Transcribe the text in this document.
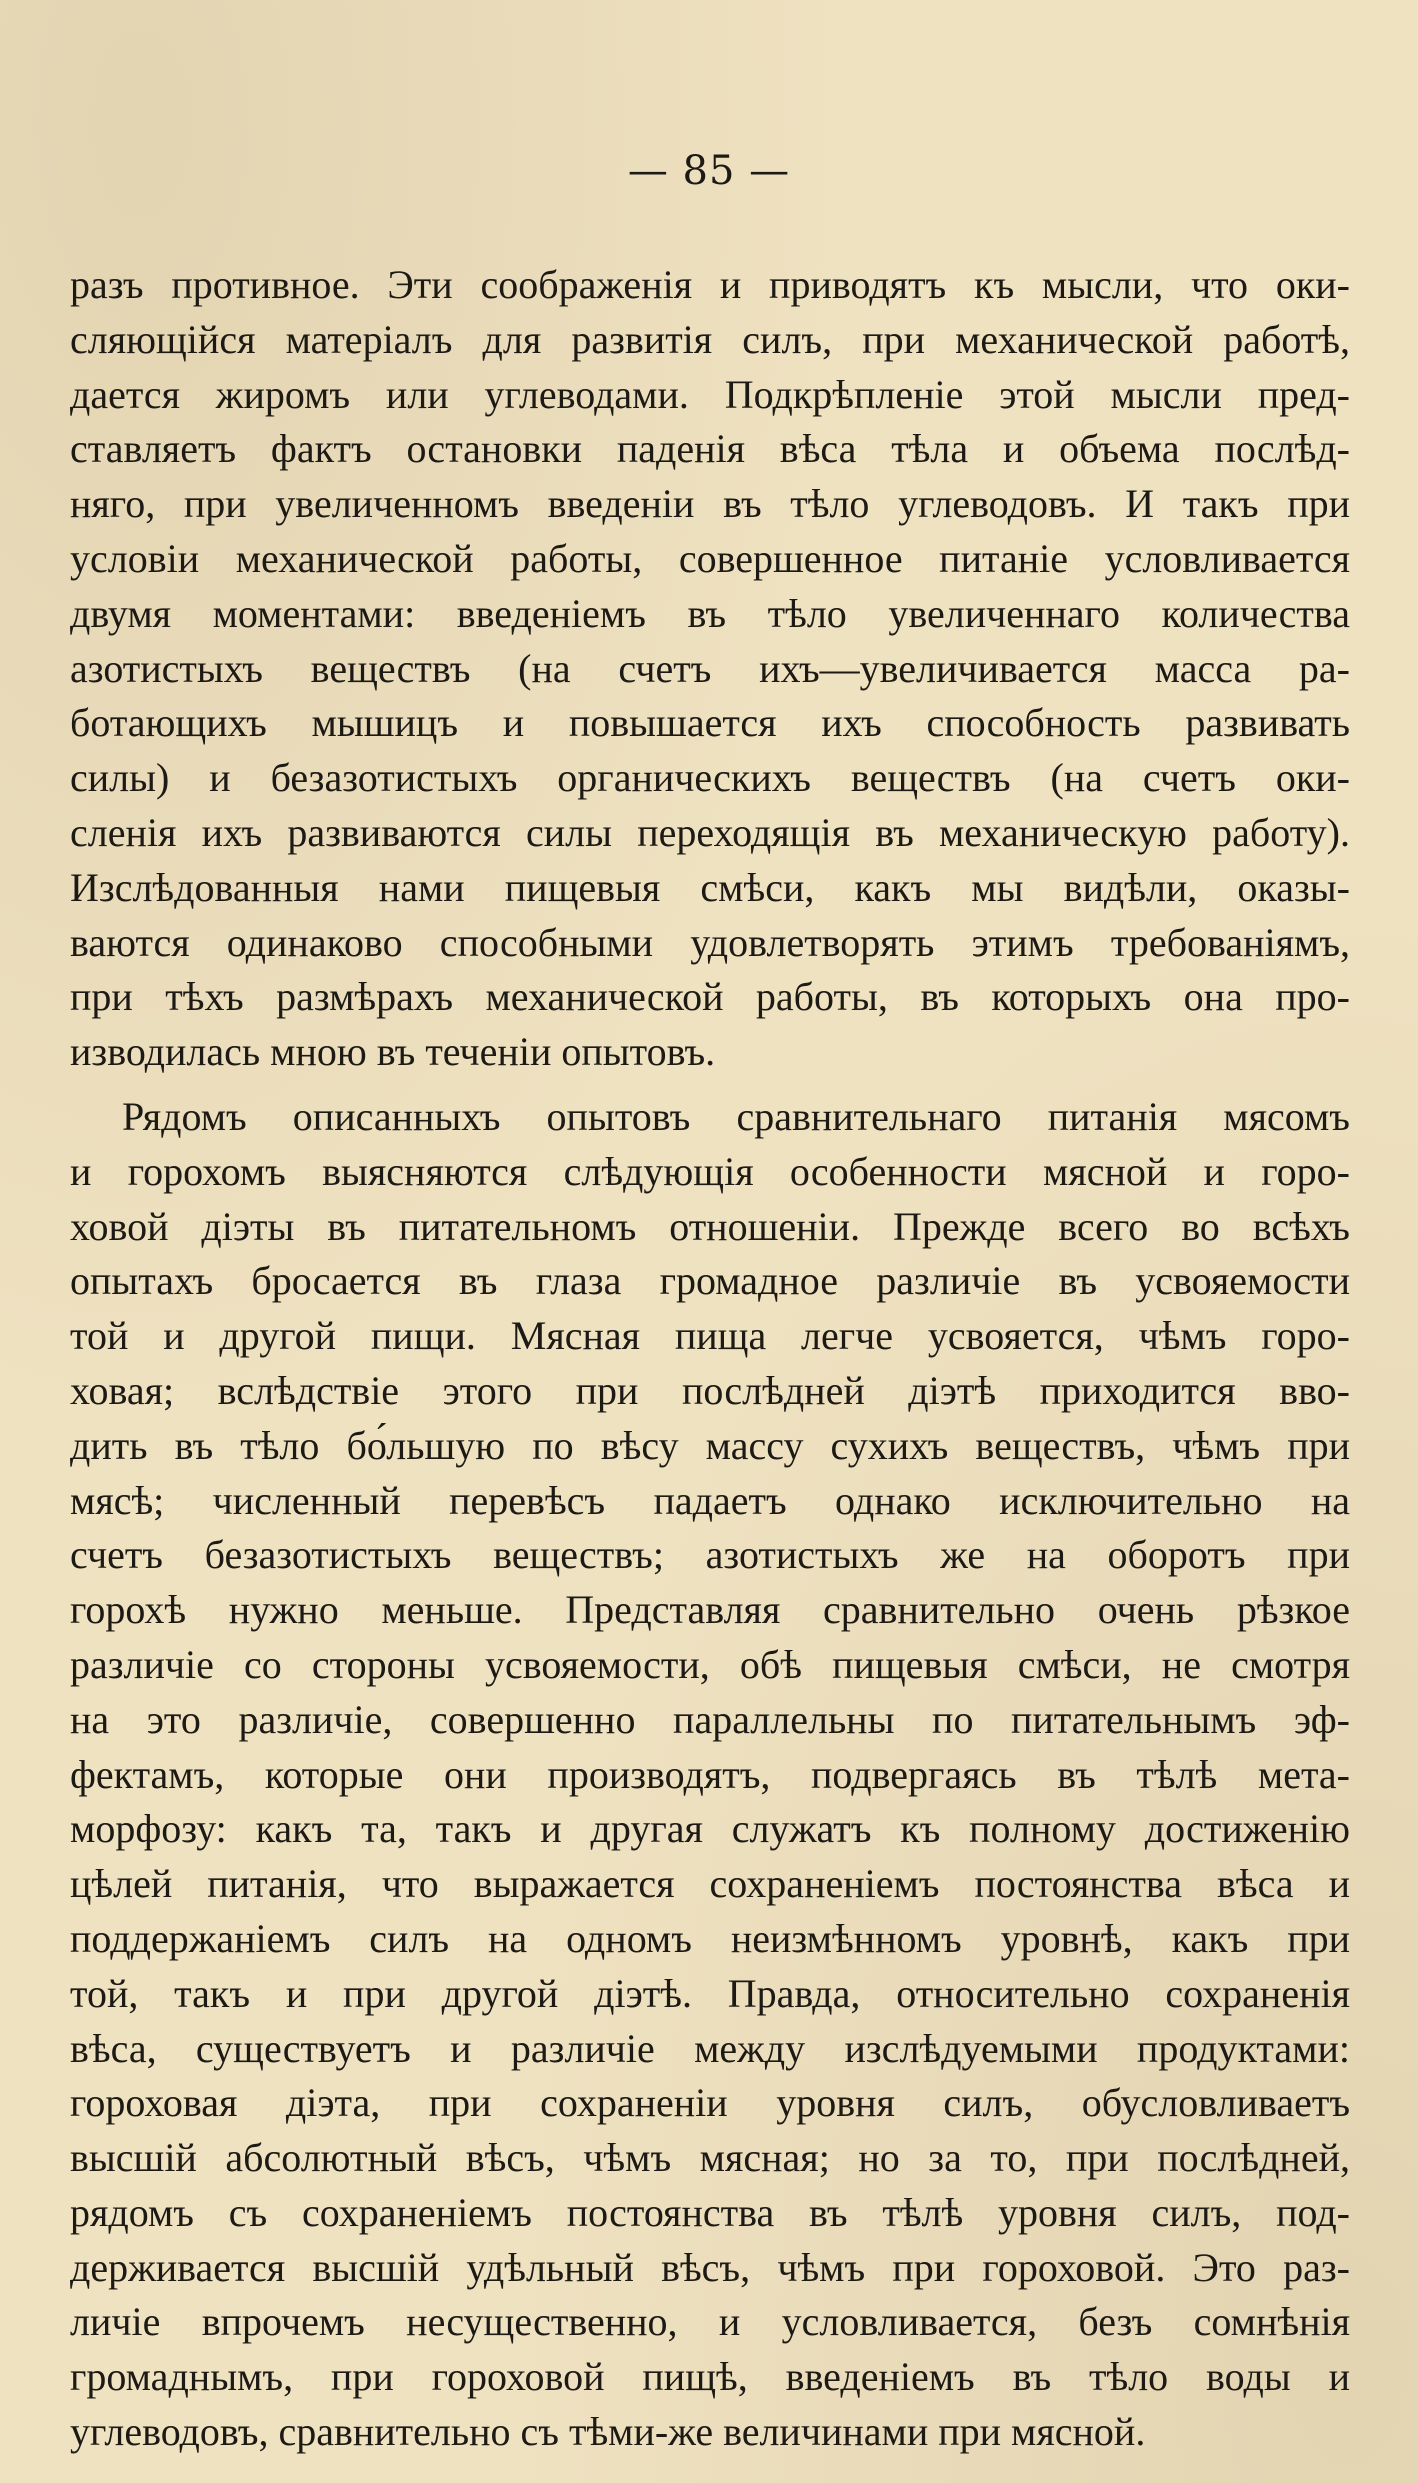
— 85 —
разъ противное. Эти соображенія и приводятъ къ мысли, что оки-
сляющійся матеріалъ для развитія силъ, при механической работѣ,
дается жиромъ или углеводами. Подкрѣпленіе этой мысли пред-
ставляетъ фактъ остановки паденія вѣса тѣла и объема послѣд-
няго, при увеличенномъ введеніи въ тѣло углеводовъ. И такъ при
условіи механической работы, совершенное питаніе условливается
двумя моментами: введеніемъ въ тѣло увеличеннаго количества
азотистыхъ веществъ (на счетъ ихъ—увеличивается масса ра-
ботающихъ мышицъ и повышается ихъ способность развивать
силы) и безазотистыхъ органическихъ веществъ (на счетъ оки-
сленія ихъ развиваются силы переходящія въ механическую работу).
Изслѣдованныя нами пищевыя смѣси, какъ мы видѣли, оказы-
ваются одинаково способными удовлетворять этимъ требованіямъ,
при тѣхъ размѣрахъ механической работы, въ которыхъ она про-
изводилась мною въ теченіи опытовъ.
Рядомъ описанныхъ опытовъ сравнительнаго питанія мясомъ
и горохомъ выясняются слѣдующія особенности мясной и горо-
ховой діэты въ питательномъ отношеніи. Прежде всего во всѣхъ
опытахъ бросается въ глаза громадное различіе въ усвояемости
той и другой пищи. Мясная пища легче усвояется, чѣмъ горо-
ховая; вслѣдствіе этого при послѣдней діэтѣ приходится вво-
дить въ тѣло бо́льшую по вѣсу массу сухихъ веществъ, чѣмъ при
мясѣ; численный перевѣсъ падаетъ однако исключительно на
счетъ безазотистыхъ веществъ; азотистыхъ же на оборотъ при
горохѣ нужно меньше. Представляя сравнительно очень рѣзкое
различіе со стороны усвояемости, обѣ пищевыя смѣси, не смотря
на это различіе, совершенно параллельны по питательнымъ эф-
фектамъ, которые они производятъ, подвергаясь въ тѣлѣ мета-
морфозу: какъ та, такъ и другая служатъ къ полному достиженію
цѣлей питанія, что выражается сохраненіемъ постоянства вѣса и
поддержаніемъ силъ на одномъ неизмѣнномъ уровнѣ, какъ при
той, такъ и при другой діэтѣ. Правда, относительно сохраненія
вѣса, существуетъ и различіе между изслѣдуемыми продуктами:
гороховая діэта, при сохраненіи уровня силъ, обусловливаетъ
высшій абсолютный вѣсъ, чѣмъ мясная; но за то, при послѣдней,
рядомъ съ сохраненіемъ постоянства въ тѣлѣ уровня силъ, под-
держивается высшій удѣльный вѣсъ, чѣмъ при гороховой. Это раз-
личіе впрочемъ несущественно, и условливается, безъ сомнѣнія
громаднымъ, при гороховой пищѣ, введеніемъ въ тѣло воды и
углеводовъ, сравнительно съ тѣми-же величинами при мясной.
